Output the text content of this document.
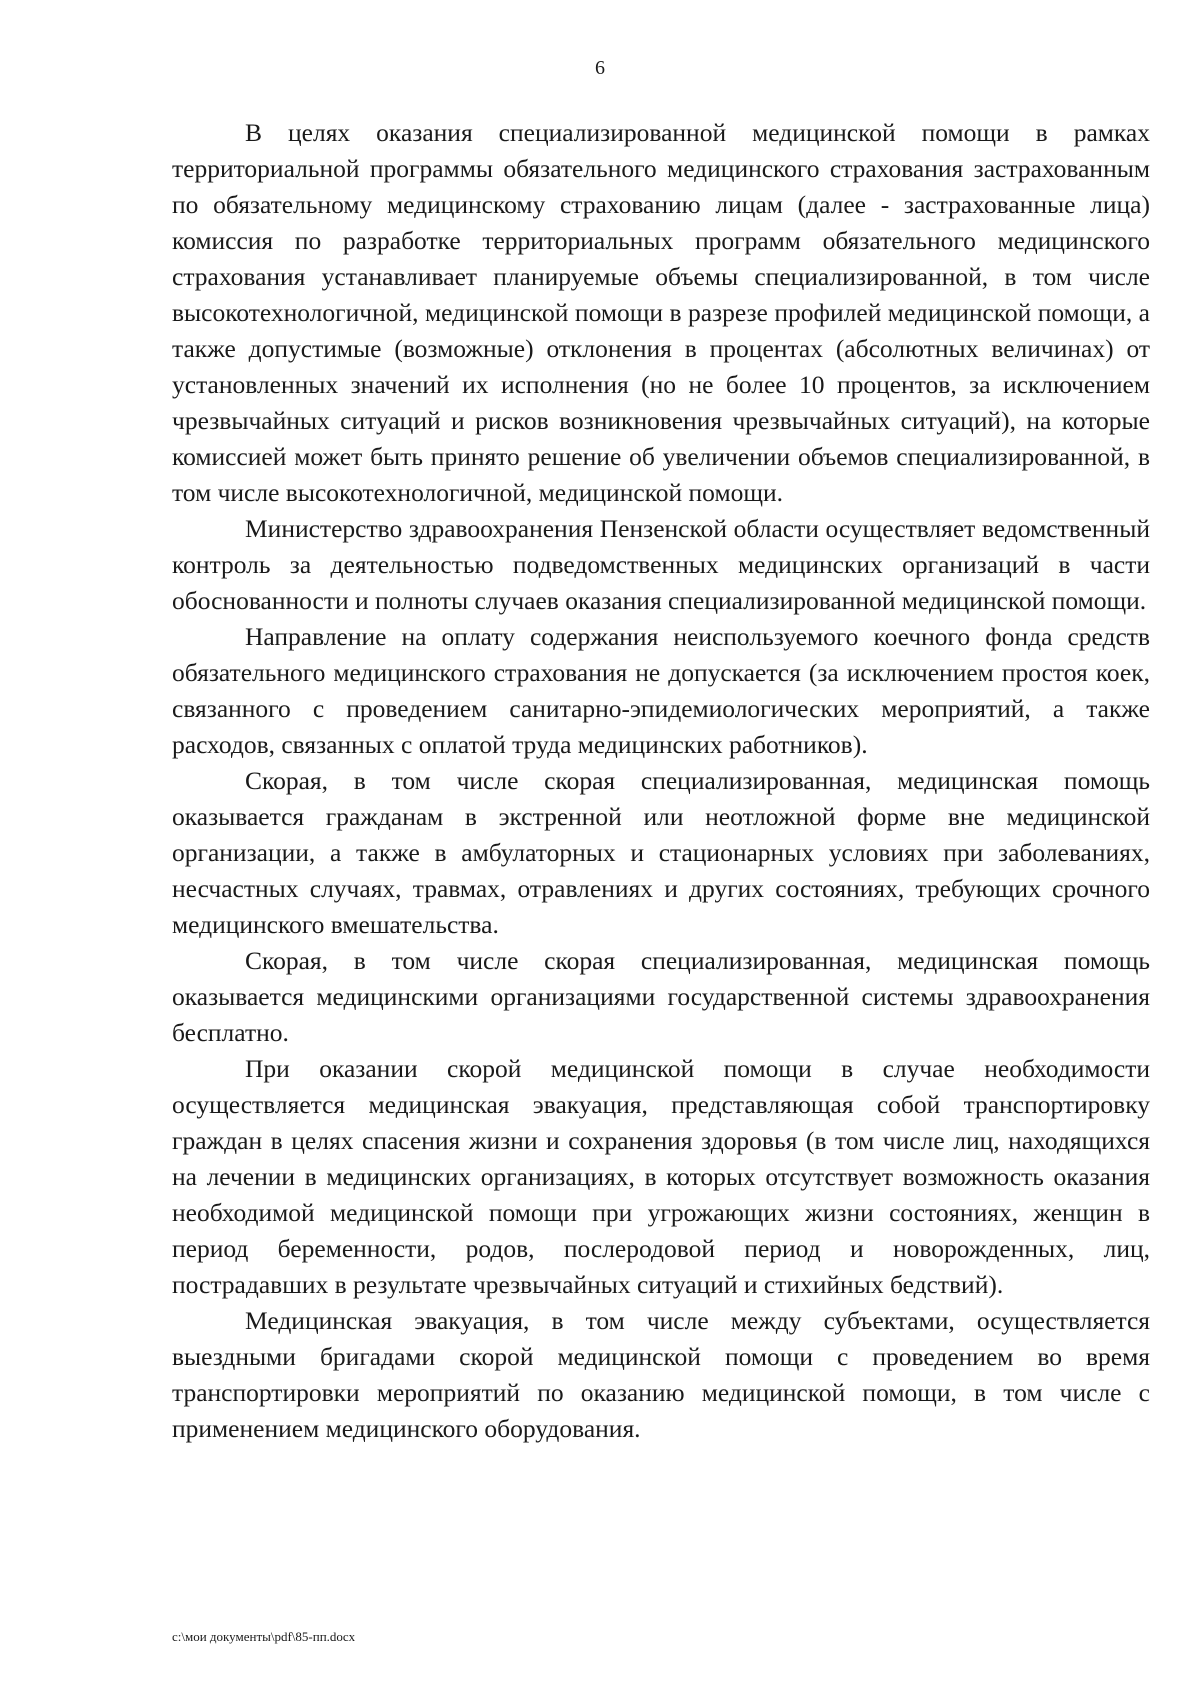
6

В целях оказания специализированной медицинской помощи в рамках территориальной программы обязательного медицинского страхования застрахованным по обязательному медицинскому страхованию лицам (далее - застрахованные лица) комиссия по разработке территориальных программ обязательного медицинского страхования устанавливает планируемые объемы специализированной, в том числе высокотехнологичной, медицинской помощи в разрезе профилей медицинской помощи, а также допустимые (возможные) отклонения в процентах (абсолютных величинах) от установленных значений их исполнения (но не более 10 процентов, за исключением чрезвычайных ситуаций и рисков возникновения чрезвычайных ситуаций), на которые комиссией может быть принято решение об увеличении объемов специализированной, в том числе высокотехнологичной, медицинской помощи.

Министерство здравоохранения Пензенской области осуществляет ведомственный контроль за деятельностью подведомственных медицинских организаций в части обоснованности и полноты случаев оказания специализированной медицинской помощи.

Направление на оплату содержания неиспользуемого коечного фонда средств обязательного медицинского страхования не допускается (за исключением простоя коек, связанного с проведением санитарно-эпидемиологических мероприятий, а также расходов, связанных с оплатой труда медицинских работников).

Скорая, в том числе скорая специализированная, медицинская помощь оказывается гражданам в экстренной или неотложной форме вне медицинской организации, а также в амбулаторных и стационарных условиях при заболеваниях, несчастных случаях, травмах, отравлениях и других состояниях, требующих срочного медицинского вмешательства.

Скорая, в том числе скорая специализированная, медицинская помощь оказывается медицинскими организациями государственной системы здравоохранения бесплатно.

При оказании скорой медицинской помощи в случае необходимости осуществляется медицинская эвакуация, представляющая собой транспортировку граждан в целях спасения жизни и сохранения здоровья (в том числе лиц, находящихся на лечении в медицинских организациях, в которых отсутствует возможность оказания необходимой медицинской помощи при угрожающих жизни состояниях, женщин в период беременности, родов, послеродовой период и новорожденных, лиц, пострадавших в результате чрезвычайных ситуаций и стихийных бедствий).

Медицинская эвакуация, в том числе между субъектами, осуществляется выездными бригадами скорой медицинской помощи с проведением во время транспортировки мероприятий по оказанию медицинской помощи, в том числе с применением медицинского оборудования.

c:\мои документы\pdf\85-пп.docx
